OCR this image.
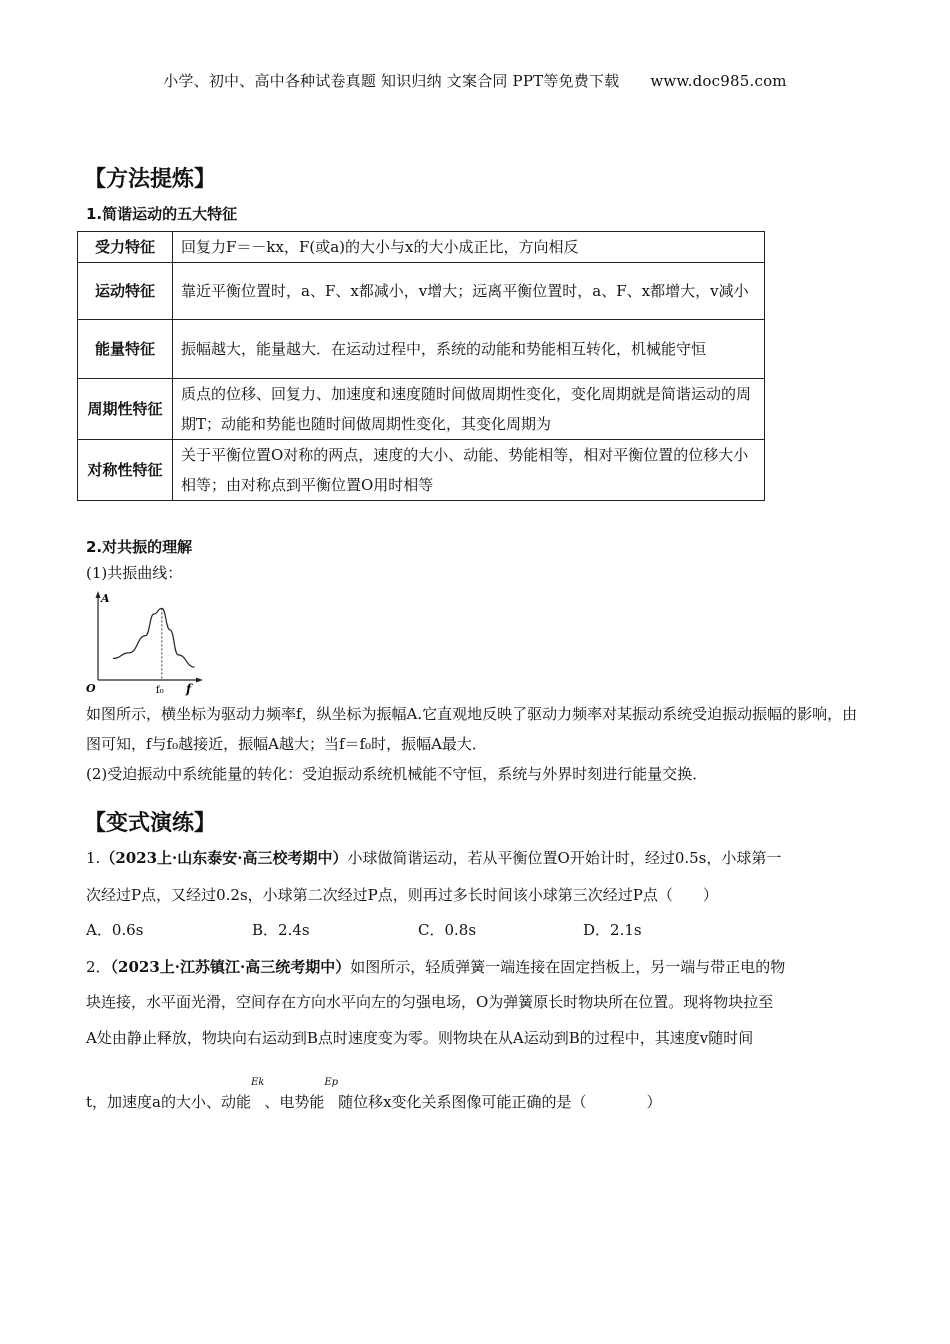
小学、初中、高中各种试卷真题 知识归纳 文案合同 PPT等免费下载 www.doc985.com
【方法提炼】
1.简谐运动的五大特征
受力特征	回复力F＝－kx，F(或a)的大小与x的大小成正比，方向相反
运动特征	靠近平衡位置时，a、F、x都减小，v增大；远离平衡位置时，a、F、x都增大，v减小
能量特征	振幅越大，能量越大．在运动过程中，系统的动能和势能相互转化，机械能守恒
周期性特征	质点的位移、回复力、加速度和速度随时间做周期性变化，变化周期就是简谐运动的周期T；动能和势能也随时间做周期性变化，其变化周期为
对称性特征	关于平衡位置O对称的两点，速度的大小、动能、势能相等，相对平衡位置的位移大小相等；由对称点到平衡位置O用时相等
2.对共振的理解
(1)共振曲线：
A
O	f₀ f
如图所示，横坐标为驱动力频率f，纵坐标为振幅A.它直观地反映了驱动力频率对某振动系统受迫振动振幅的影响，由图可知，f与f₀越接近，振幅A越大；当f＝f₀时，振幅A最大．
(2)受迫振动中系统能量的转化：受迫振动系统机械能不守恒，系统与外界时刻进行能量交换．
【变式演练】
1.（2023上·山东泰安·高三校考期中）小球做简谐运动，若从平衡位置O开始计时，经过0.5s，小球第一
次经过P点，又经过0.2s，小球第二次经过P点，则再过多长时间该小球第三次经过P点（　　）
A．0.6s	B．2.4s	C．0.8s	D．2.1s
2．（2023上·江苏镇江·高三统考期中）如图所示，轻质弹簧一端连接在固定挡板上，另一端与带正电的物
块连接，水平面光滑，空间存在方向水平向左的匀强电场，O为弹簧原长时物块所在位置。现将物块拉至
A处由静止释放，物块向右运动到B点时速度变为零。则物块在从A运动到B的过程中，其速度v随时间
t，加速度a的大小、动能Ek、电势能Ep随位移x变化关系图像可能正确的是（　　　　）
